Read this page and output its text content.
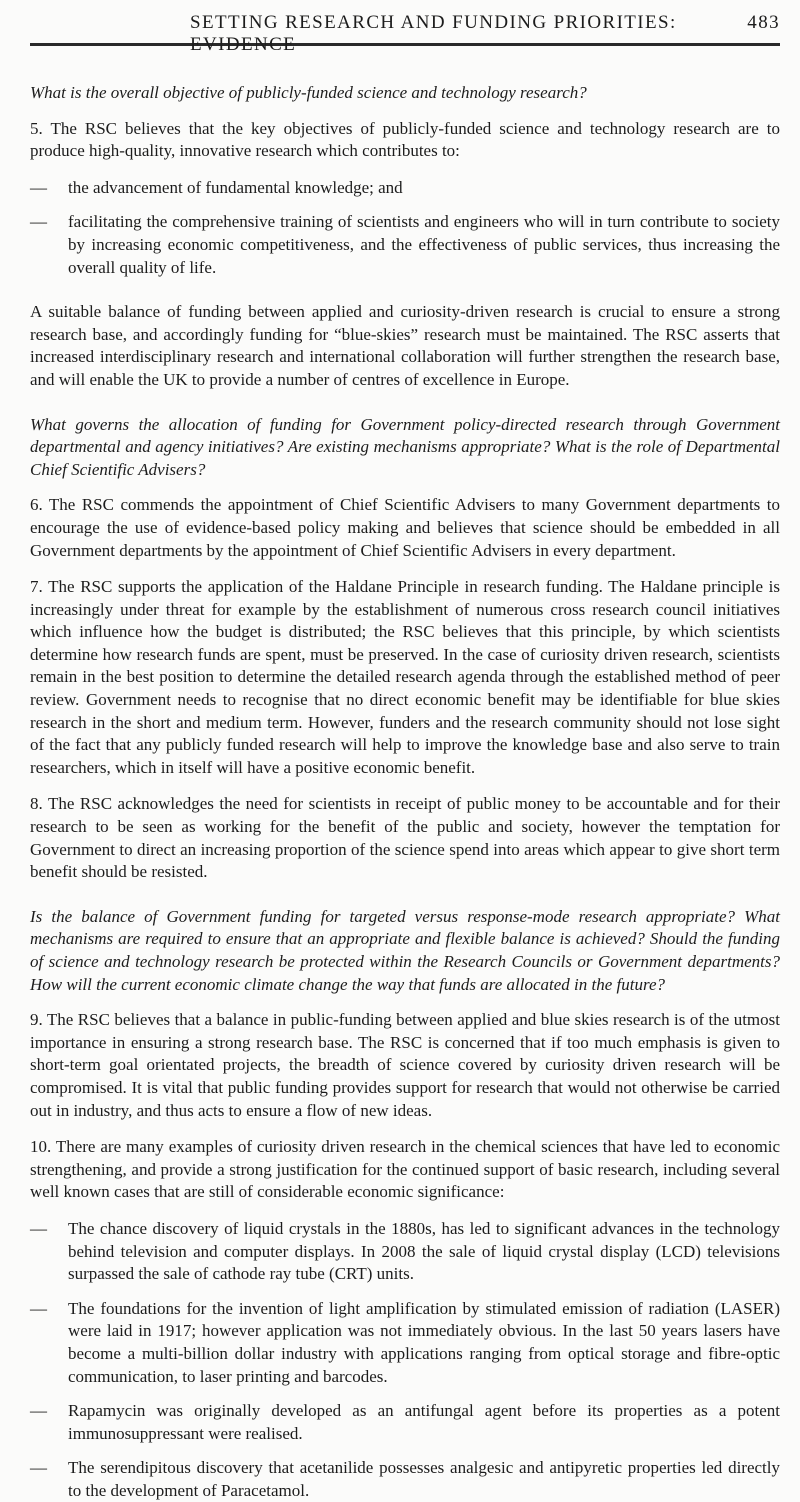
SETTING RESEARCH AND FUNDING PRIORITIES: EVIDENCE
483

What is the overall objective of publicly-funded science and technology research?

5. The RSC believes that the key objectives of publicly-funded science and technology research are to produce high-quality, innovative research which contributes to:

— the advancement of fundamental knowledge; and
— facilitating the comprehensive training of scientists and engineers who will in turn contribute to society by increasing economic competitiveness, and the effectiveness of public services, thus increasing the overall quality of life.

A suitable balance of funding between applied and curiosity-driven research is crucial to ensure a strong research base, and accordingly funding for “blue-skies” research must be maintained. The RSC asserts that increased interdisciplinary research and international collaboration will further strengthen the research base, and will enable the UK to provide a number of centres of excellence in Europe.

What governs the allocation of funding for Government policy-directed research through Government departmental and agency initiatives? Are existing mechanisms appropriate? What is the role of Departmental Chief Scientific Advisers?

6. The RSC commends the appointment of Chief Scientific Advisers to many Government departments to encourage the use of evidence-based policy making and believes that science should be embedded in all Government departments by the appointment of Chief Scientific Advisers in every department.

7. The RSC supports the application of the Haldane Principle in research funding. The Haldane principle is increasingly under threat for example by the establishment of numerous cross research council initiatives which influence how the budget is distributed; the RSC believes that this principle, by which scientists determine how research funds are spent, must be preserved. In the case of curiosity driven research, scientists remain in the best position to determine the detailed research agenda through the established method of peer review. Government needs to recognise that no direct economic benefit may be identifiable for blue skies research in the short and medium term. However, funders and the research community should not lose sight of the fact that any publicly funded research will help to improve the knowledge base and also serve to train researchers, which in itself will have a positive economic benefit.

8. The RSC acknowledges the need for scientists in receipt of public money to be accountable and for their research to be seen as working for the benefit of the public and society, however the temptation for Government to direct an increasing proportion of the science spend into areas which appear to give short term benefit should be resisted.

Is the balance of Government funding for targeted versus response-mode research appropriate? What mechanisms are required to ensure that an appropriate and flexible balance is achieved? Should the funding of science and technology research be protected within the Research Councils or Government departments? How will the current economic climate change the way that funds are allocated in the future?

9. The RSC believes that a balance in public-funding between applied and blue skies research is of the utmost importance in ensuring a strong research base. The RSC is concerned that if too much emphasis is given to short-term goal orientated projects, the breadth of science covered by curiosity driven research will be compromised. It is vital that public funding provides support for research that would not otherwise be carried out in industry, and thus acts to ensure a flow of new ideas.

10. There are many examples of curiosity driven research in the chemical sciences that have led to economic strengthening, and provide a strong justification for the continued support of basic research, including several well known cases that are still of considerable economic significance:

— The chance discovery of liquid crystals in the 1880s, has led to significant advances in the technology behind television and computer displays. In 2008 the sale of liquid crystal display (LCD) televisions surpassed the sale of cathode ray tube (CRT) units.
— The foundations for the invention of light amplification by stimulated emission of radiation (LASER) were laid in 1917; however application was not immediately obvious. In the last 50 years lasers have become a multi-billion dollar industry with applications ranging from optical storage and fibre-optic communication, to laser printing and barcodes.
— Rapamycin was originally developed as an antifungal agent before its properties as a potent immunosuppressant were realised.
— The serendipitous discovery that acetanilide possesses analgesic and antipyretic properties led directly to the development of Paracetamol.
